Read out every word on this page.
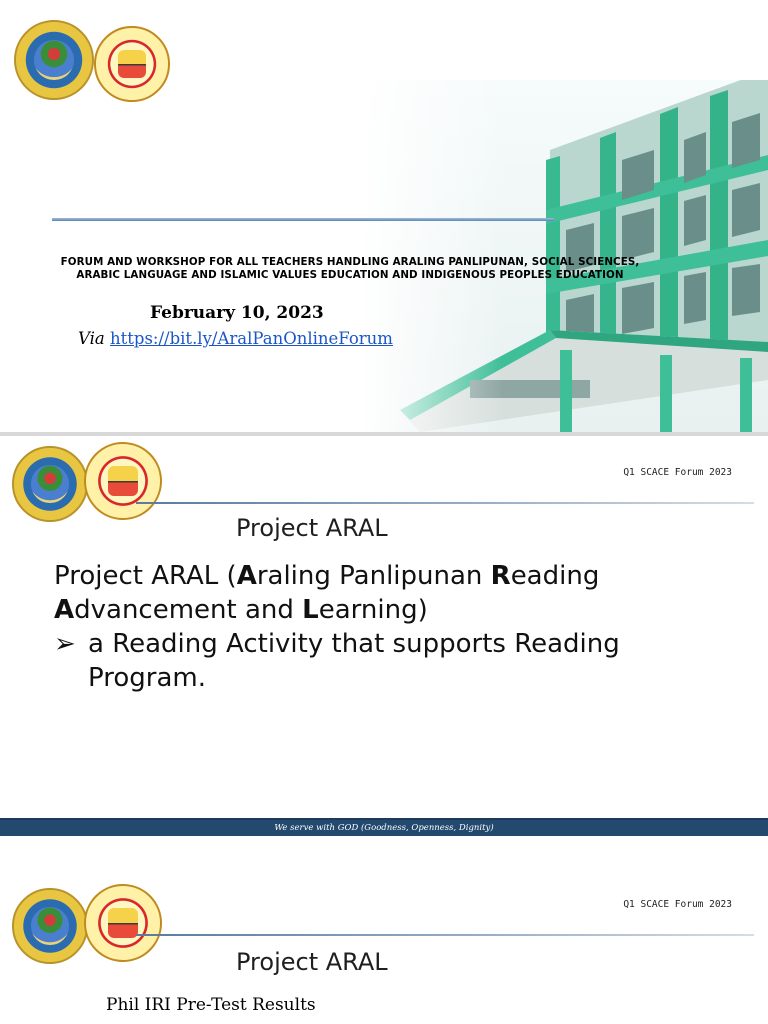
FORUM AND WORKSHOP FOR ALL TEACHERS HANDLING ARALING PANLIPUNAN, SOCIAL SCIENCES,
ARABIC LANGUAGE AND ISLAMIC VALUES EDUCATION AND INDIGENOUS PEOPLES EDUCATION
February 10, 2023
Via https://bit.ly/AralPanOnlineForum
Q1 SCACE Forum 2023
Project ARAL
Project ARAL (Araling Panlipunan Reading
Advancement and Learning)
➢ a Reading Activity that supports Reading Program.
We serve with GOD (Goodness, Openness, Dignity)
Q1 SCACE Forum 2023
Project ARAL
Phil IRI Pre-Test Results
